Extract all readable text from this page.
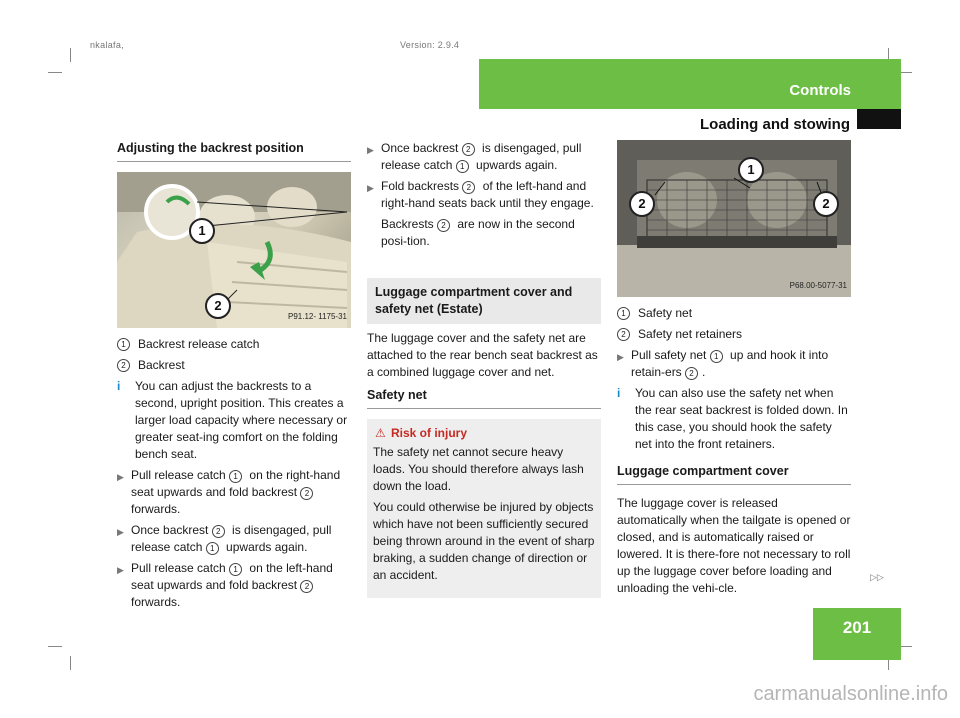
nkalafa,	Version: 2.9.4
Controls
Loading and stowing
Adjusting the backrest position
1
2
P91.12- 1175-31
1	Backrest release catch
2	Backrest
i	You can adjust the backrests to a second, upright position. This creates a larger load capacity where necessary or greater seat-ing comfort on the folding bench seat.
▶ Pull release catch 1 on the right-hand seat upwards and fold backrest 2 forwards.
▶ Once backrest 2 is disengaged, pull release catch 1 upwards again.
▶ Pull release catch 1 on the left-hand seat upwards and fold backrest 2 forwards.
▶ Once backrest 2 is disengaged, pull release catch 1 upwards again.
▶ Fold backrests 2 of the left-hand and right-hand seats back until they engage.
Backrests 2 are now in the second posi-tion.
Luggage compartment cover and safety net (Estate)
The luggage cover and the safety net are attached to the rear bench seat backrest as a combined luggage cover and net.
Safety net
⚠ Risk of injury
The safety net cannot secure heavy loads. You should therefore always lash down the load.
You could otherwise be injured by objects which have not been sufficiently secured being thrown around in the event of sharp braking, a sudden change of direction or an accident.
1
2	2
P68.00-5077-31
1	Safety net
2	Safety net retainers
▶ Pull safety net 1 up and hook it into retain-ers 2 .
i	You can also use the safety net when the rear seat backrest is folded down. In this case, you should hook the safety net into the front retainers.
Luggage compartment cover
The luggage cover is released automatically when the tailgate is opened or closed, and is automatically raised or lowered. It is there-fore not necessary to roll up the luggage cover before loading and unloading the vehi-cle.
▷▷
201
carmanualsonline.info
